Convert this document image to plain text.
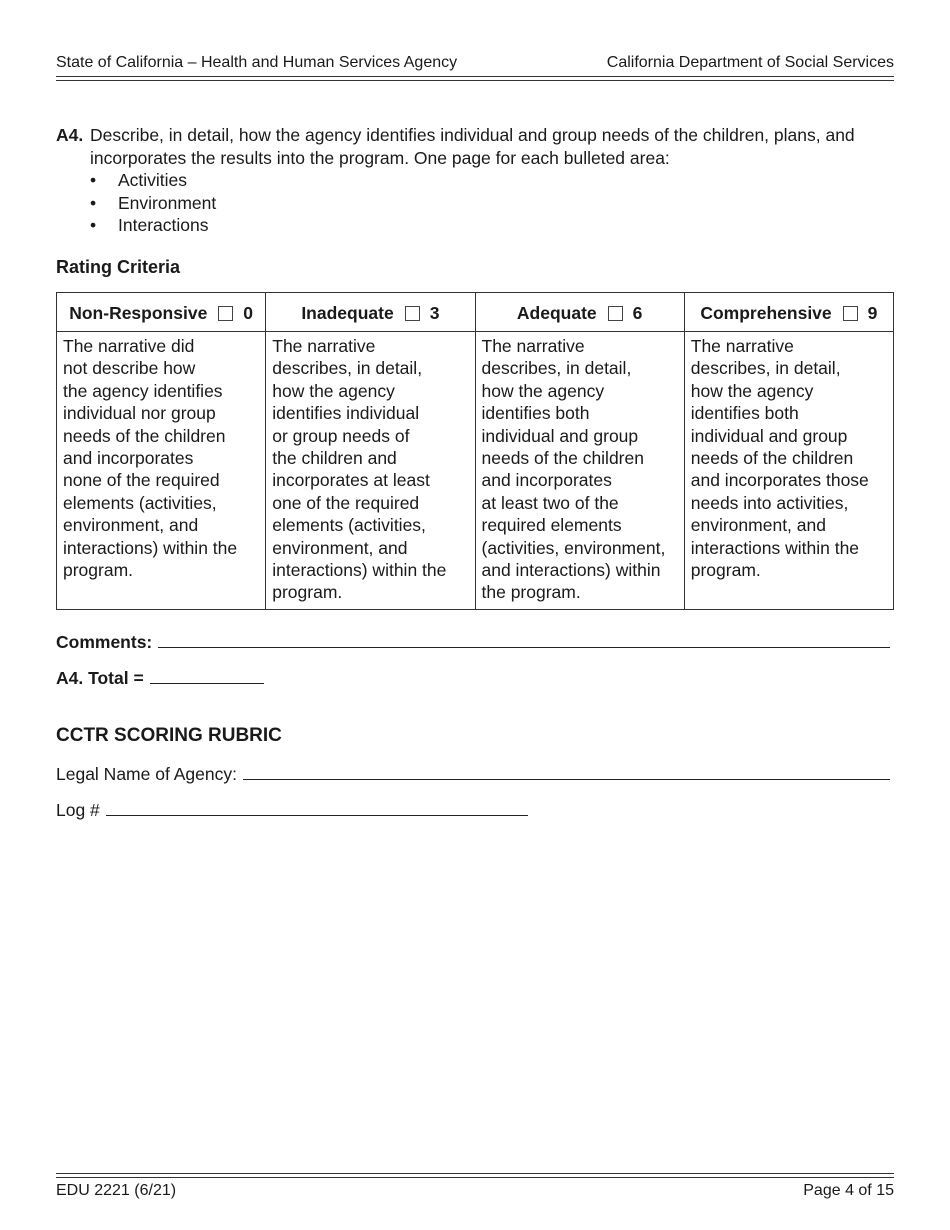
State of California – Health and Human Services Agency	California Department of Social Services
A4. Describe, in detail, how the agency identifies individual and group needs of the children, plans, and incorporates the results into the program. One page for each bulleted area:
• Activities
• Environment
• Interactions
Rating Criteria
Non-Responsive 0
The narrative did
not describe how
the agency identifies
individual nor group
needs of the children
and incorporates
none of the required
elements (activities,
environment, and
interactions) within the
program.
Inadequate 3
The narrative
describes, in detail,
how the agency
identifies individual
or group needs of
the children and
incorporates at least
one of the required
elements (activities,
environment, and
interactions) within the
program.
Adequate 6
The narrative
describes, in detail,
how the agency
identifies both
individual and group
needs of the children
and incorporates
at least two of the
required elements
(activities, environment,
and interactions) within
the program.
Comprehensive 9
The narrative
describes, in detail,
how the agency
identifies both
individual and group
needs of the children
and incorporates those
needs into activities,
environment, and
interactions within the
program.
Comments:
A4. Total =
CCTR SCORING RUBRIC
Legal Name of Agency:
Log #
EDU 2221 (6/21)	Page 4 of 15
